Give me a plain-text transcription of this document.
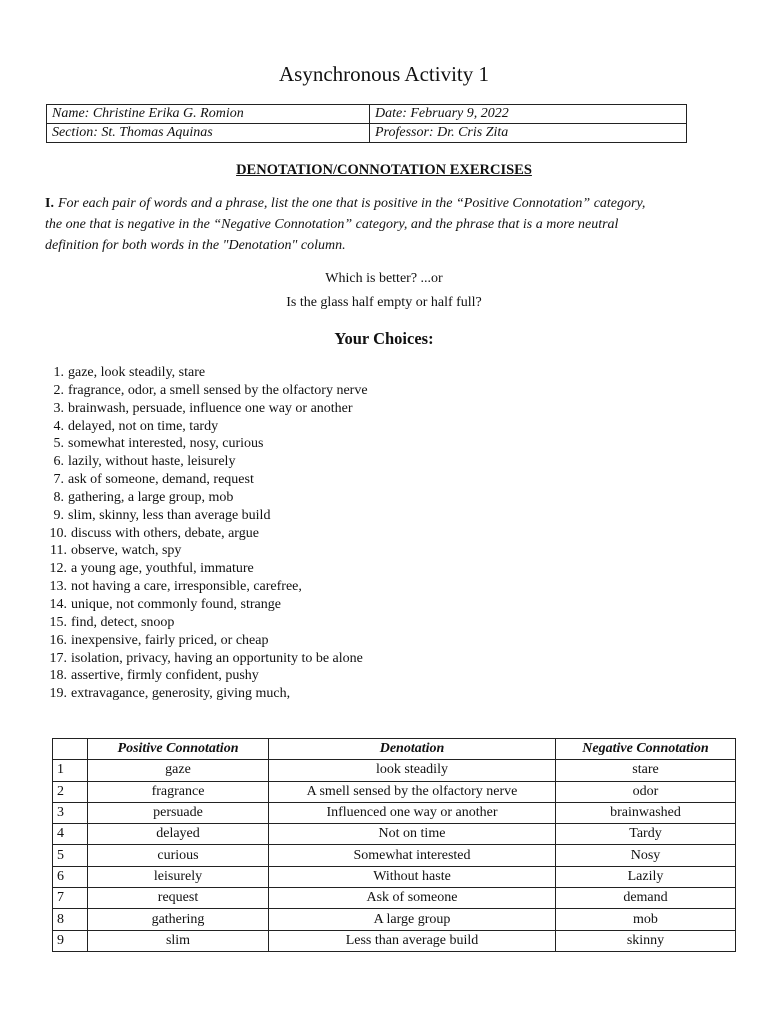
Asynchronous Activity 1
Name: Christine Erika G. Romion	Date: February 9, 2022
Section: St. Thomas Aquinas	Professor: Dr. Cris Zita
DENOTATION/CONNOTATION EXERCISES
I. For each pair of words and a phrase, list the one that is positive in the “Positive Connotation” category,
the one that is negative in the “Negative Connotation” category, and the phrase that is a more neutral
definition for both words in the "Denotation" column.
Which is better? ...or
Is the glass half empty or half full?
Your Choices:
1. gaze, look steadily, stare
2. fragrance, odor, a smell sensed by the olfactory nerve
3. brainwash, persuade, influence one way or another
4. delayed, not on time, tardy
5. somewhat interested, nosy, curious
6. lazily, without haste, leisurely
7. ask of someone, demand, request
8. gathering, a large group, mob
9. slim, skinny, less than average build
10. discuss with others, debate, argue
11. observe, watch, spy
12. a young age, youthful, immature
13. not having a care, irresponsible, carefree,
14. unique, not commonly found, strange
15. find, detect, snoop
16. inexpensive, fairly priced, or cheap
17. isolation, privacy, having an opportunity to be alone
18. assertive, firmly confident, pushy
19. extravagance, generosity, giving much,
	Positive Connotation	Denotation	Negative Connotation
1	gaze	look steadily	stare
2	fragrance	A smell sensed by the olfactory nerve	odor
3	persuade	Influenced one way or another	brainwashed
4	delayed	Not on time	Tardy
5	curious	Somewhat interested	Nosy
6	leisurely	Without haste	Lazily
7	request	Ask of someone	demand
8	gathering	A large group	mob
9	slim	Less than average build	skinny
